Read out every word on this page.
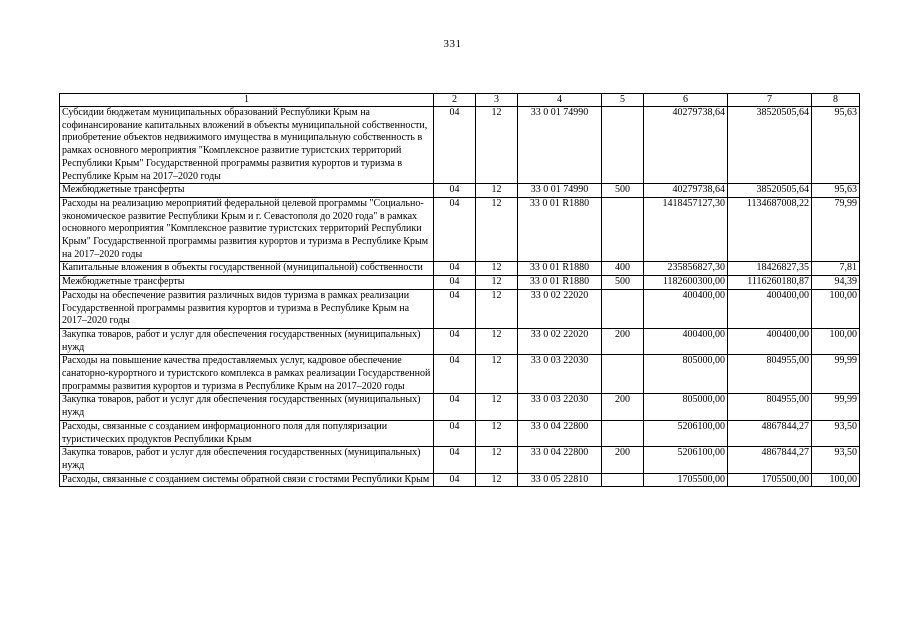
331
1	2	3	4	5	6	7	8
Субсидии бюджетам муниципальных образований Республики Крым на софинансирование капитальных вложений в объекты муниципальной собственности, приобретение объектов недвижимого имущества в муниципальную собственность в рамках основного мероприятия "Комплексное развитие туристских территорий Республики Крым" Государственной программы развития курортов и туризма в Республике Крым на 2017–2020 годы	04	12	33 0 01 74990		40279738,64	38520505,64	95,63
Межбюджетные трансферты	04	12	33 0 01 74990	500	40279738,64	38520505,64	95,63
Расходы на реализацию мероприятий федеральной целевой программы "Социально-экономическое развитие Республики Крым и г. Севастополя до 2020 года" в рамках основного мероприятия "Комплексное развитие туристских территорий Республики Крым" Государственной программы развития курортов и туризма в Республике Крым на 2017–2020 годы	04	12	33 0 01 R1880		1418457127,30	1134687008,22	79,99
Капитальные вложения в объекты государственной (муниципальной) собственности	04	12	33 0 01 R1880	400	235856827,30	18426827,35	7,81
Межбюджетные трансферты	04	12	33 0 01 R1880	500	1182600300,00	1116260180,87	94,39
Расходы на обеспечение развития различных видов туризма в рамках реализации Государственной программы развития курортов и туризма в Республике Крым на 2017–2020 годы	04	12	33 0 02 22020		400400,00	400400,00	100,00
Закупка товаров, работ и услуг для обеспечения государственных (муниципальных) нужд	04	12	33 0 02 22020	200	400400,00	400400,00	100,00
Расходы на повышение качества предоставляемых услуг, кадровое обеспечение санаторно-курортного и туристского комплекса в рамках реализации Государственной программы развития курортов и туризма в Республике Крым на 2017–2020 годы	04	12	33 0 03 22030		805000,00	804955,00	99,99
Закупка товаров, работ и услуг для обеспечения государственных (муниципальных) нужд	04	12	33 0 03 22030	200	805000,00	804955,00	99,99
Расходы, связанные с созданием информационного поля для популяризации туристических продуктов Республики Крым	04	12	33 0 04 22800		5206100,00	4867844,27	93,50
Закупка товаров, работ и услуг для обеспечения государственных (муниципальных) нужд	04	12	33 0 04 22800	200	5206100,00	4867844,27	93,50
Расходы, связанные с созданием системы обратной связи с гостями Республики Крым	04	12	33 0 05 22810		1705500,00	1705500,00	100,00
